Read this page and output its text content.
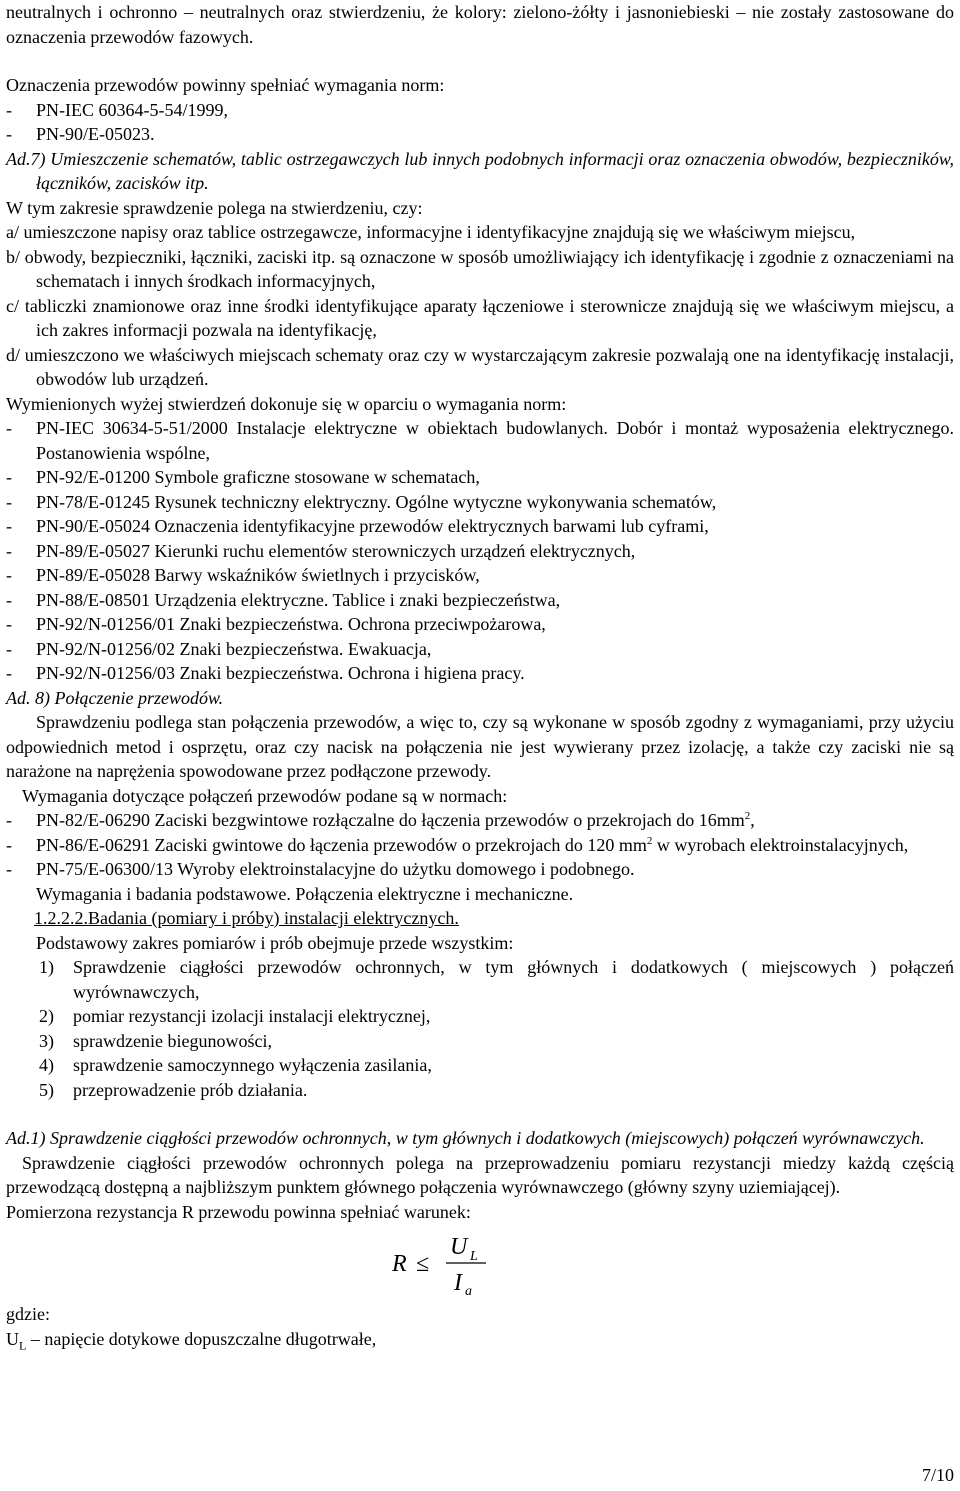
neutralnych i ochronno – neutralnych oraz stwierdzeniu, że kolory: zielono-żółty i jasnoniebieski – nie zostały zastosowane do oznaczenia przewodów fazowych.

Oznaczenia przewodów powinny spełniać wymagania norm:

-	PN-IEC 60364-5-54/1999,
-	PN-90/E-05023.

Ad.7) Umieszczenie schematów, tablic ostrzegawczych lub innych podobnych informacji oraz oznaczenia obwodów, bezpieczników, łączników, zacisków itp.

W tym zakresie sprawdzenie polega na stwierdzeniu, czy:

a/ umieszczone napisy oraz tablice ostrzegawcze, informacyjne i identyfikacyjne znajdują się we właściwym miejscu,

b/ obwody, bezpieczniki, łączniki, zaciski itp. są oznaczone w sposób umożliwiający ich identyfikację i zgodnie z oznaczeniami na schematach i innych środkach informacyjnych,

c/ tabliczki znamionowe oraz inne środki identyfikujące aparaty łączeniowe i sterownicze znajdują się we właściwym miejscu, a ich zakres informacji pozwala na identyfikację,

d/ umieszczono we właściwych miejscach schematy oraz czy w wystarczającym zakresie pozwalają one na identyfikację instalacji, obwodów lub urządzeń.

Wymienionych wyżej stwierdzeń dokonuje się w oparciu o wymagania norm:

-	PN-IEC 30634-5-51/2000 Instalacje elektryczne w obiektach budowlanych. Dobór i montaż wyposażenia elektrycznego. Postanowienia wspólne,
-	PN-92/E-01200 Symbole graficzne stosowane w schematach,
-	PN-78/E-01245 Rysunek techniczny elektryczny. Ogólne wytyczne wykonywania schematów,
-	PN-90/E-05024 Oznaczenia identyfikacyjne przewodów elektrycznych barwami lub cyframi,
-	PN-89/E-05027 Kierunki ruchu elementów sterowniczych urządzeń elektrycznych,
-	PN-89/E-05028 Barwy wskaźników świetlnych i przycisków,
-	PN-88/E-08501 Urządzenia elektryczne. Tablice i znaki bezpieczeństwa,
-	PN-92/N-01256/01 Znaki bezpieczeństwa. Ochrona przeciwpożarowa,
-	PN-92/N-01256/02 Znaki bezpieczeństwa. Ewakuacja,
-	PN-92/N-01256/03 Znaki bezpieczeństwa. Ochrona i higiena pracy.

Ad. 8) Połączenie przewodów.

Sprawdzeniu podlega stan połączenia przewodów, a więc to, czy są wykonane w sposób zgodny z wymaganiami, przy użyciu odpowiednich metod i osprzętu, oraz czy nacisk na połączenia nie jest wywierany przez izolację, a także czy zaciski nie są narażone na naprężenia spowodowane przez podłączone przewody.

Wymagania dotyczące połączeń przewodów podane są w normach:

-	PN-82/E-06290 Zaciski bezgwintowe rozłączalne do łączenia przewodów o przekrojach do $16mm^2$,
-	PN-86/E-06291 Zaciski gwintowe do łączenia przewodów o przekrojach do 120 $mm^2$ w wyrobach elektroinstalacyjnych,
-	PN-75/E-06300/13 Wyroby elektroinstalacyjne do użytku domowego i podobnego.

Wymagania i badania podstawowe. Połączenia elektryczne i mechaniczne.

1.2.2.2.Badania (pomiary i próby) instalacji elektrycznych.

Podstawowy zakres pomiarów i prób obejmuje przede wszystkim:

1)	Sprawdzenie ciągłości przewodów ochronnych, w tym głównych i dodatkowych ( miejscowych ) połączeń wyrównawczych,
2)	pomiar rezystancji izolacji instalacji elektrycznej,
3)	sprawdzenie biegunowości,
4)	sprawdzenie samoczynnego wyłączenia zasilania,
5)	przeprowadzenie prób działania.

Ad.1) Sprawdzenie ciągłości przewodów ochronnych, w tym głównych i dodatkowych (miejscowych) połączeń wyrównawczych.

Sprawdzenie ciągłości przewodów ochronnych polega na przeprowadzeniu pomiaru rezystancji miedzy każdą częścią przewodzącą dostępną a najbliższym punktem głównego połączenia wyrównawczego (główny szyny uziemiającej).

Pomierzona rezystancja R przewodu powinna spełniać warunek:

R ≤
U L
I a

gdzie:

$U_L$ – napięcie dotykowe dopuszczalne długotrwałe,

7/10
